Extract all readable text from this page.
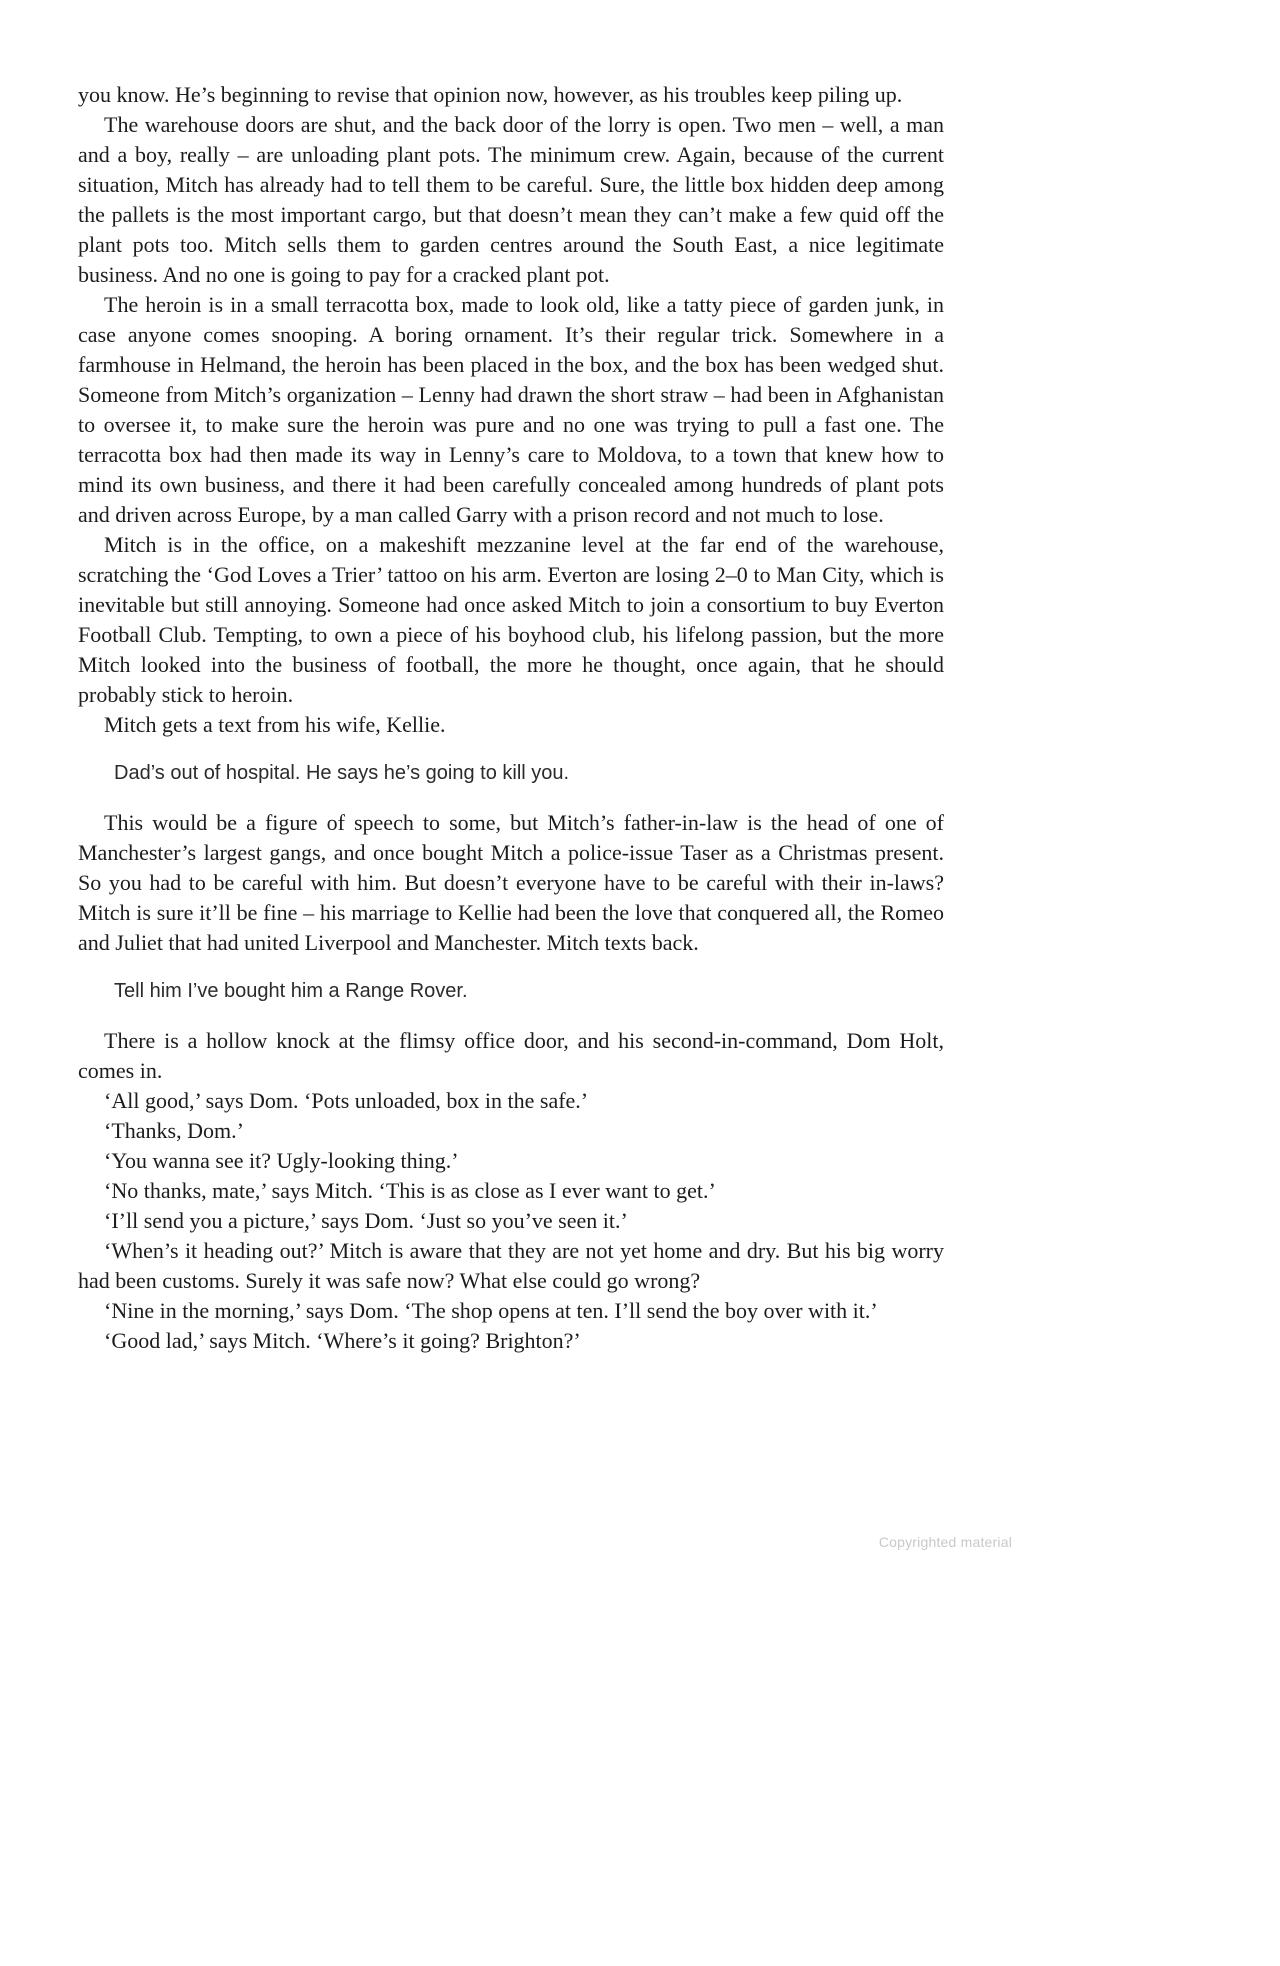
you know. He’s beginning to revise that opinion now, however, as his troubles keep piling up.

The warehouse doors are shut, and the back door of the lorry is open. Two men – well, a man and a boy, really – are unloading plant pots. The minimum crew. Again, because of the current situation, Mitch has already had to tell them to be careful. Sure, the little box hidden deep among the pallets is the most important cargo, but that doesn’t mean they can’t make a few quid off the plant pots too. Mitch sells them to garden centres around the South East, a nice legitimate business. And no one is going to pay for a cracked plant pot.

The heroin is in a small terracotta box, made to look old, like a tatty piece of garden junk, in case anyone comes snooping. A boring ornament. It’s their regular trick. Somewhere in a farmhouse in Helmand, the heroin has been placed in the box, and the box has been wedged shut. Someone from Mitch’s organization – Lenny had drawn the short straw – had been in Afghanistan to oversee it, to make sure the heroin was pure and no one was trying to pull a fast one. The terracotta box had then made its way in Lenny’s care to Moldova, to a town that knew how to mind its own business, and there it had been carefully concealed among hundreds of plant pots and driven across Europe, by a man called Garry with a prison record and not much to lose.

Mitch is in the office, on a makeshift mezzanine level at the far end of the warehouse, scratching the ‘God Loves a Trier’ tattoo on his arm. Everton are losing 2–0 to Man City, which is inevitable but still annoying. Someone had once asked Mitch to join a consortium to buy Everton Football Club. Tempting, to own a piece of his boyhood club, his lifelong passion, but the more Mitch looked into the business of football, the more he thought, once again, that he should probably stick to heroin.

Mitch gets a text from his wife, Kellie.

Dad’s out of hospital. He says he’s going to kill you.

This would be a figure of speech to some, but Mitch’s father-in-law is the head of one of Manchester’s largest gangs, and once bought Mitch a police-issue Taser as a Christmas present. So you had to be careful with him. But doesn’t everyone have to be careful with their in-laws? Mitch is sure it’ll be fine – his marriage to Kellie had been the love that conquered all, the Romeo and Juliet that had united Liverpool and Manchester. Mitch texts back.

Tell him I’ve bought him a Range Rover.

There is a hollow knock at the flimsy office door, and his second-in-command, Dom Holt, comes in.

‘All good,’ says Dom. ‘Pots unloaded, box in the safe.’

‘Thanks, Dom.’

‘You wanna see it? Ugly-looking thing.’

‘No thanks, mate,’ says Mitch. ‘This is as close as I ever want to get.’

‘I’ll send you a picture,’ says Dom. ‘Just so you’ve seen it.’

‘When’s it heading out?’ Mitch is aware that they are not yet home and dry. But his big worry had been customs. Surely it was safe now? What else could go wrong?

‘Nine in the morning,’ says Dom. ‘The shop opens at ten. I’ll send the boy over with it.’

‘Good lad,’ says Mitch. ‘Where’s it going? Brighton?’

Copyrighted material
